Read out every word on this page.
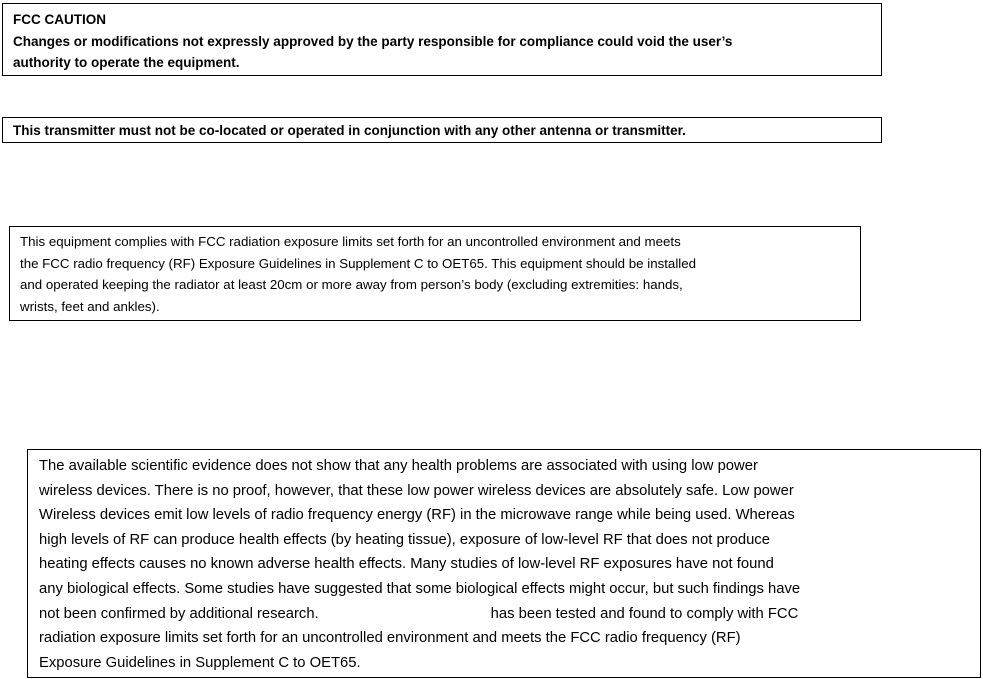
FCC CAUTION
Changes or modifications not expressly approved by the party responsible for compliance could void the user’s
authority to operate the equipment.
This transmitter must not be co-located or operated in conjunction with any other antenna or transmitter.
This equipment complies with FCC radiation exposure limits set forth for an uncontrolled environment and meets
the FCC radio frequency (RF) Exposure Guidelines in Supplement C to OET65. This equipment should be installed
and operated keeping the radiator at least 20cm or more away from person’s body (excluding extremities: hands,
wrists, feet and ankles).
The available scientific evidence does not show that any health problems are associated with using low power
wireless devices. There is no proof, however, that these low power wireless devices are absolutely safe. Low power
Wireless devices emit low levels of radio frequency energy (RF) in the microwave range while being used. Whereas
high levels of RF can produce health effects (by heating tissue), exposure of low-level RF that does not produce
heating effects causes no known adverse health effects. Many studies of low-level RF exposures have not found
any biological effects. Some studies have suggested that some biological effects might occur, but such findings have
not been confirmed by additional research.	has been tested and found to comply with FCC
radiation exposure limits set forth for an uncontrolled environment and meets the FCC radio frequency (RF)
Exposure Guidelines in Supplement C to OET65.
